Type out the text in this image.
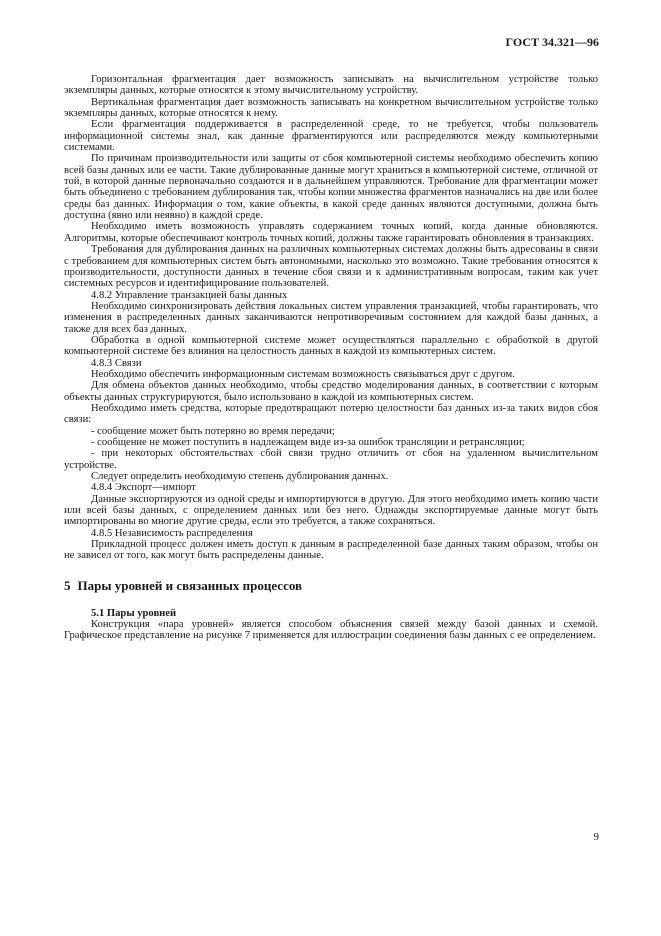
ГОСТ 34.321—96

Горизонтальная фрагментация дает возможность записывать на вычислительном устройстве только экземпляры данных, которые относятся к этому вычислительному устройству.

Вертикальная фрагментация дает возможность записывать на конкретном вычислительном устройстве только экземпляры данных, которые относятся к нему.

Если фрагментация поддерживается в распределенной среде, то не требуется, чтобы пользователь информационной системы знал, как данные фрагментируются или распределяются между компьютерными системами.

По причинам производительности или защиты от сбоя компьютерной системы необходимо обеспечить копию всей базы данных или ее части. Такие дублированные данные могут храниться в компьютерной системе, отличной от той, в которой данные первоначально создаются и в дальнейшем управляются. Требование для фрагментации может быть объединено с требованием дублирования так, чтобы копии множества фрагментов назначались на две или более среды баз данных. Информация о том, какие объекты, в какой среде данных являются доступными, должна быть доступна (явно или неявно) в каждой среде.

Необходимо иметь возможность управлять содержанием точных копий, когда данные обновляются. Алгоритмы, которые обеспечивают контроль точных копий, должны также гарантировать обновления в транзакциях.

Требования для дублирования данных на различных компьютерных системах должны быть адресованы в связи с требованием для компьютерных систем быть автономными, насколько это возможно. Такие требования относятся к производительности, доступности данных в течение сбоя связи и к административным вопросам, таким как учет системных ресурсов и идентифицирование пользователей.

4.8.2 Управление транзакцией базы данных

Необходимо синхронизировать действия локальных систем управления транзакцией, чтобы гарантировать, что изменения в распределенных данных заканчиваются непротиворечивым состоянием для каждой базы данных, а также для всех баз данных.

Обработка в одной компьютерной системе может осуществляться параллельно с обработкой в другой компьютерной системе без влияния на целостность данных в каждой из компьютерных систем.

4.8.3 Связи

Необходимо обеспечить информационным системам возможность связываться друг с другом.

Для обмена объектов данных необходимо, чтобы средство моделирования данных, в соответствии с которым объекты данных структурируются, было использовано в каждой из компьютерных систем.

Необходимо иметь средства, которые предотвращают потерю целостности баз данных из-за таких видов сбоя связи:

- сообщение может быть потеряно во время передачи;

- сообщение не может поступить в надлежащем виде из-за ошибок трансляции и ретрансляции;

- при некоторых обстоятельствах сбой связи трудно отличить от сбоя на удаленном вычислительном устройстве.

Следует определить необходимую степень дублирования данных.

4.8.4 Экспорт—импорт

Данные экспортируются из одной среды и импортируются в другую. Для этого необходимо иметь копию части или всей базы данных, с определением данных или без него. Однажды экспортируемые данные могут быть импортированы во многие другие среды, если это требуется, а также сохраняться.

4.8.5 Независимость распределения

Прикладной процесс должен иметь доступ к данным в распределенной базе данных таким образом, чтобы он не зависел от того, как могут быть распределены данные.

5 Пары уровней и связанных процессов

5.1 Пары уровней

Конструкция «пара уровней» является способом объяснения связей между базой данных и схемой. Графическое представление на рисунке 7 применяется для иллюстрации соединения базы данных с ее определением.

9
